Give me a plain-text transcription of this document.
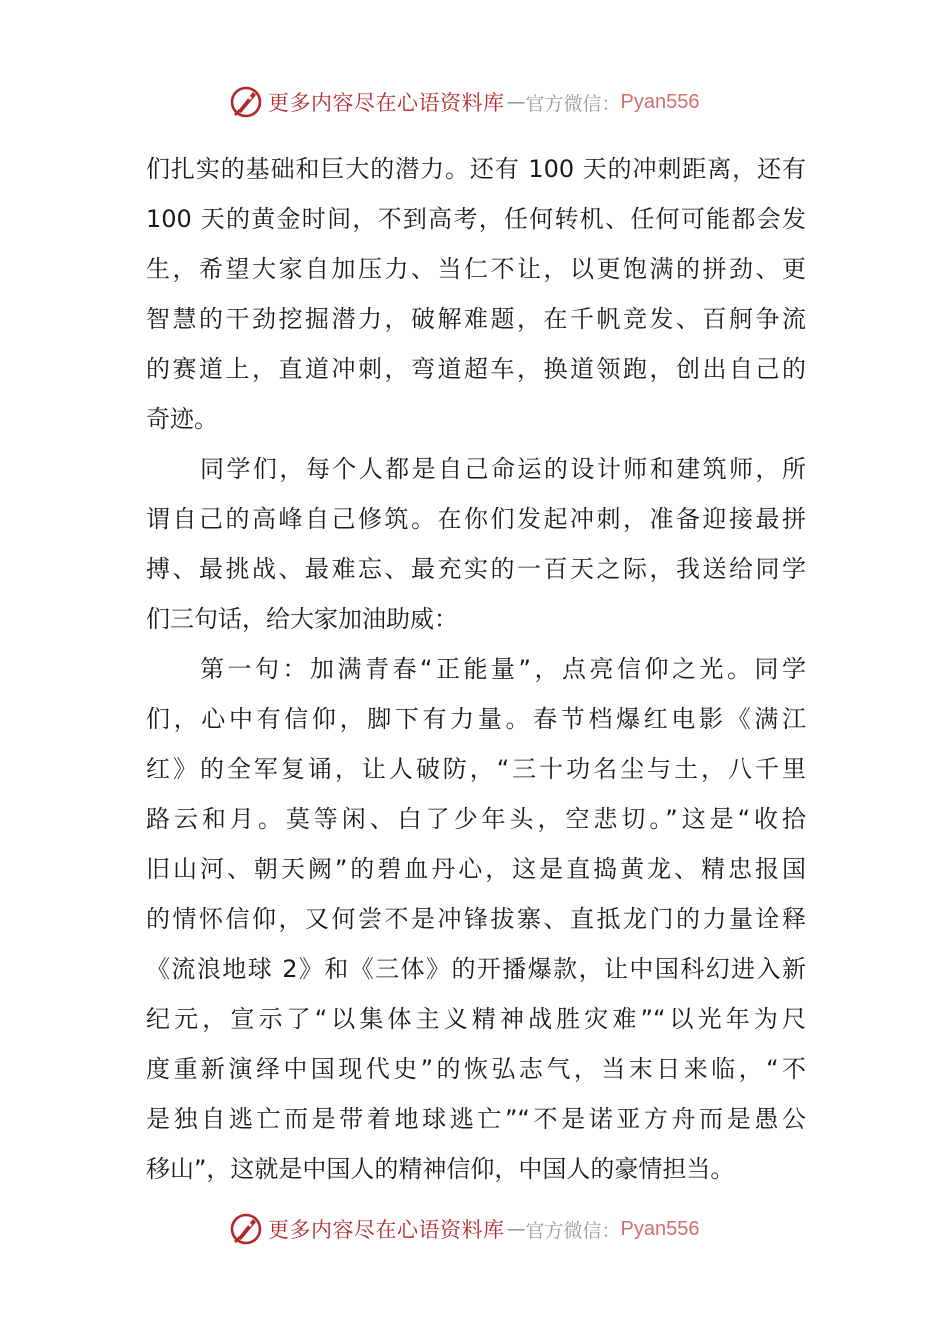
更多内容尽在心语资料库 — 官方微信： Pyan556
们扎实的基础和巨大的潜力。还有 100 天的冲刺距离，还有
100 天的黄金时间，不到高考，任何转机、任何可能都会发
生，希望大家自加压力、当仁不让，以更饱满的拼劲、更
智慧的干劲挖掘潜力，破解难题，在千帆竞发、百舸争流
的赛道上，直道冲刺，弯道超车，换道领跑，创出自己的
奇迹。
同学们，每个人都是自己命运的设计师和建筑师，所
谓自己的高峰自己修筑。在你们发起冲刺，准备迎接最拼
搏、最挑战、最难忘、最充实的一百天之际，我送给同学
们三句话，给大家加油助威：
第一句：加满青春“正能量”，点亮信仰之光。同学
们，心中有信仰，脚下有力量。春节档爆红电影《满江
红》的全军复诵，让人破防，“三十功名尘与土，八千里
路云和月。莫等闲、白了少年头，空悲切。”这是“收拾
旧山河、朝天阙”的碧血丹心，这是直捣黄龙、精忠报国
的情怀信仰，又何尝不是冲锋拔寨、直抵龙门的力量诠释
《流浪地球 2》和《三体》的开播爆款，让中国科幻进入新
纪元，宣示了“以集体主义精神战胜灾难”“以光年为尺
度重新演绎中国现代史”的恢弘志气，当末日来临，“不
是独自逃亡而是带着地球逃亡”“不是诺亚方舟而是愚公
移山”，这就是中国人的精神信仰，中国人的豪情担当。
更多内容尽在心语资料库 — 官方微信： Pyan556
